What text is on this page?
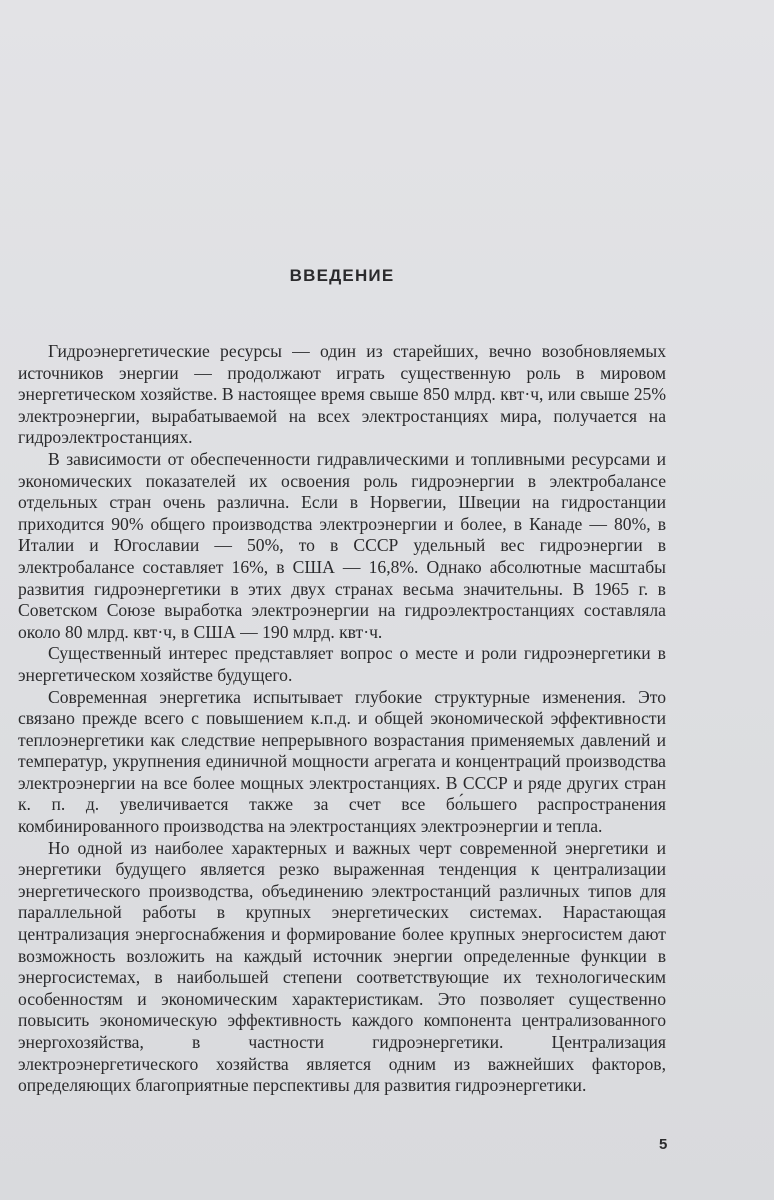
ВВЕДЕНИЕ

Гидроэнергетические ресурсы — один из старейших, вечно возобновляемых источников энергии — продолжают играть существенную роль в мировом энергетическом хозяйстве. В настоящее время свыше 850 млрд. квт·ч, или свыше 25% электроэнергии, вырабатываемой на всех электростанциях мира, получается на гидроэлектростанциях.

В зависимости от обеспеченности гидравлическими и топливными ресурсами и экономических показателей их освоения роль гидроэнергии в электробалансе отдельных стран очень различна. Если в Норвегии, Швеции на гидростанции приходится 90% общего производства электроэнергии и более, в Канаде — 80%, в Италии и Югославии — 50%, то в СССР удельный вес гидроэнергии в электробалансе составляет 16%, в США — 16,8%. Однако абсолютные масштабы развития гидроэнергетики в этих двух странах весьма значительны. В 1965 г. в Советском Союзе выработка электроэнергии на гидроэлектростанциях составляла около 80 млрд. квт·ч, в США — 190 млрд. квт·ч.

Существенный интерес представляет вопрос о месте и роли гидроэнергетики в энергетическом хозяйстве будущего.

Современная энергетика испытывает глубокие структурные изменения. Это связано прежде всего с повышением к.п.д. и общей экономической эффективности теплоэнергетики как следствие непрерывного возрастания применяемых давлений и температур, укрупнения единичной мощности агрегата и концентраций производства электроэнергии на все более мощных электростанциях. В СССР и ряде других стран к. п. д. увеличивается также за счет все бо́льшего распространения комбинированного производства на электростанциях электроэнергии и тепла.

Но одной из наиболее характерных и важных черт современной энергетики и энергетики будущего является резко выраженная тенденция к централизации энергетического производства, объединению электростанций различных типов для параллельной работы в крупных энергетических системах. Нарастающая централизация энергоснабжения и формирование более крупных энергосистем дают возможность возложить на каждый источник энергии определенные функции в энергосистемах, в наибольшей степени соответствующие их технологическим особенностям и экономическим характеристикам. Это позволяет существенно повысить экономическую эффективность каждого компонента централизованного энергохозяйства, в частности гидроэнергетики. Централизация электроэнергетического хозяйства является одним из важнейших факторов, определяющих благоприятные перспективы для развития гидроэнергетики.

5
